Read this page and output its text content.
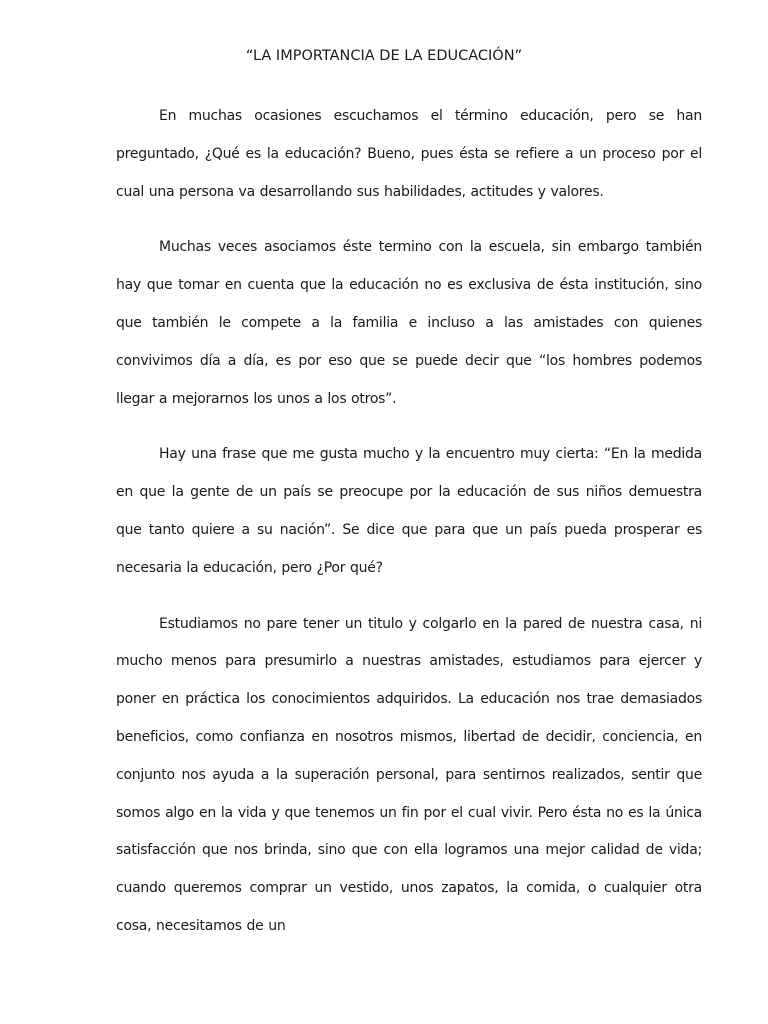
“LA IMPORTANCIA DE LA EDUCACIÓN”

En muchas ocasiones escuchamos el término educación, pero se han preguntado, ¿Qué es la educación? Bueno, pues ésta se refiere a un proceso por el cual una persona va desarrollando sus habilidades, actitudes y valores.

Muchas veces asociamos éste termino con la escuela, sin embargo también hay que tomar en cuenta que la educación no es exclusiva de ésta institución, sino que también le compete a la familia e incluso a las amistades con quienes convivimos día a día, es por eso que se puede decir que “los hombres podemos llegar a mejorarnos los unos a los otros”.

Hay una frase que me gusta mucho y la encuentro muy cierta: “En la medida en que la gente de un país se preocupe por la educación de sus niños demuestra que tanto quiere a su nación”. Se dice que para que un país pueda prosperar es necesaria la educación, pero ¿Por qué?

Estudiamos no pare tener un titulo y colgarlo en la pared de nuestra casa, ni mucho menos para presumirlo a nuestras amistades, estudiamos para ejercer y poner en práctica los conocimientos adquiridos. La educación nos trae demasiados beneficios, como confianza en nosotros mismos, libertad de decidir, conciencia, en conjunto nos ayuda a la superación personal, para sentirnos realizados, sentir que somos algo en la vida y que tenemos un fin por el cual vivir. Pero ésta no es la única satisfacción que nos brinda, sino que con ella logramos una mejor calidad de vida; cuando queremos comprar un vestido, unos zapatos, la comida, o cualquier otra cosa, necesitamos de un
